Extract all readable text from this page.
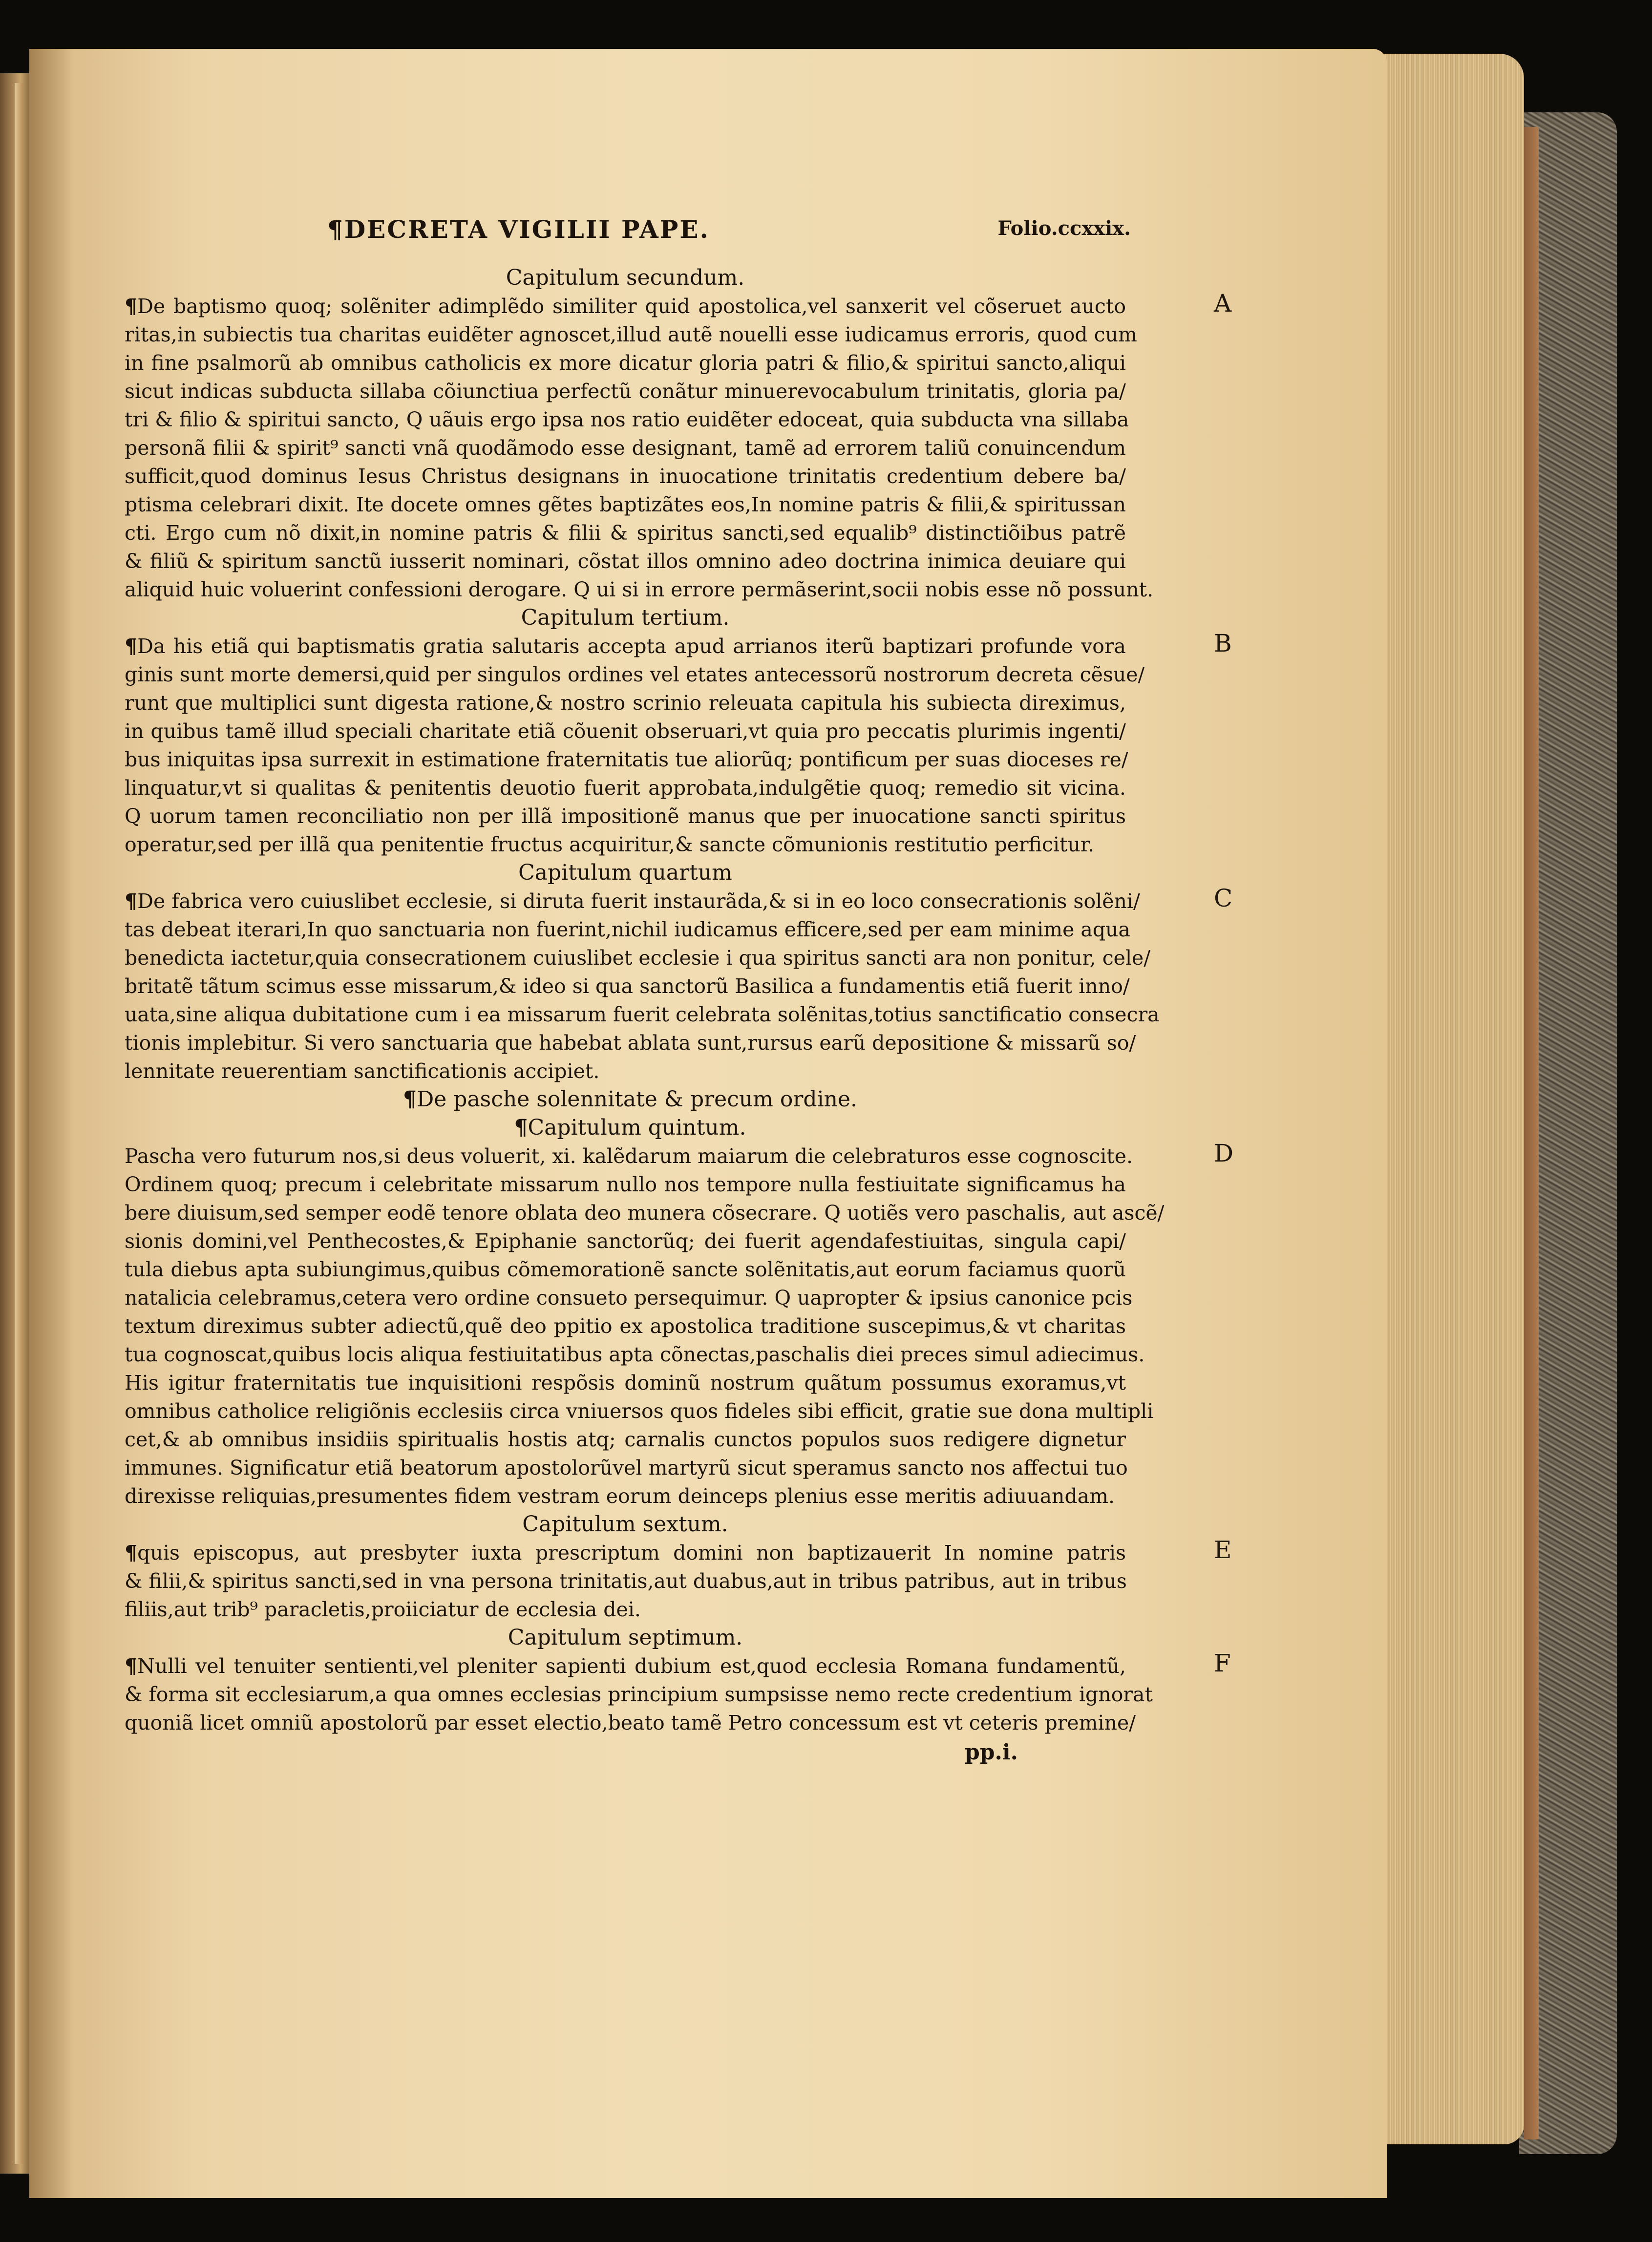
¶DECRETA VIGILII PAPE.	Folio.ccxxix.
Capitulum secundum.
¶De baptismo quoq; solẽniter adimplẽdo similiter quid apostolica,vel sanxerit vel cõseruet aucto
ritas,in subiectis tua charitas euidẽter agnoscet,illud autẽ nouelli esse iudicamus erroris, quod cum
in fine psalmorũ ab omnibus catholicis ex more dicatur gloria patri & filio,& spiritui sancto,aliqui
sicut indicas subducta sillaba cõiunctiua perfectũ conãtur minuerevocabulum trinitatis, gloria pa/
tri & filio & spiritui sancto, Q uãuis ergo ipsa nos ratio euidẽter edoceat, quia subducta vna sillaba
personã filii & spirit⁹ sancti vnã quodãmodo esse designant, tamẽ ad errorem taliũ conuincendum
sufficit,quod dominus Iesus Christus designans in inuocatione trinitatis credentium debere ba/
ptisma celebrari dixit. Ite docete omnes gẽtes baptizãtes eos,In nomine patris & filii,& spiritussan
cti. Ergo cum nõ dixit,in nomine patris & filii & spiritus sancti,sed equalib⁹ distinctiõibus patrẽ
& filiũ & spiritum sanctũ iusserit nominari, cõstat illos omnino adeo doctrina inimica deuiare qui
aliquid huic voluerint confessioni derogare. Q ui si in errore permãserint,socii nobis esse nõ possunt.
Capitulum tertium.
¶Da his etiã qui baptismatis gratia salutaris accepta apud arrianos iterũ baptizari profunde vora
ginis sunt morte demersi,quid per singulos ordines vel etates antecessorũ nostrorum decreta cẽsue/
runt que multiplici sunt digesta ratione,& nostro scrinio releuata capitula his subiecta direximus,
in quibus tamẽ illud speciali charitate etiã cõuenit obseruari,vt quia pro peccatis plurimis ingenti/
bus iniquitas ipsa surrexit in estimatione fraternitatis tue aliorũq; pontificum per suas dioceses re/
linquatur,vt si qualitas & penitentis deuotio fuerit approbata,indulgẽtie quoq; remedio sit vicina.
Q uorum tamen reconciliatio non per illã impositionẽ manus que per inuocatione sancti spiritus
operatur,sed per illã qua penitentie fructus acquiritur,& sancte cõmunionis restitutio perficitur.
Capitulum quartum
¶De fabrica vero cuiuslibet ecclesie, si diruta fuerit instaurãda,& si in eo loco consecrationis solẽni/
tas debeat iterari,In quo sanctuaria non fuerint,nichil iudicamus efficere,sed per eam minime aqua
benedicta iactetur,quia consecrationem cuiuslibet ecclesie i qua spiritus sancti ara non ponitur, cele/
britatẽ tãtum scimus esse missarum,& ideo si qua sanctorũ Basilica a fundamentis etiã fuerit inno/
uata,sine aliqua dubitatione cum i ea missarum fuerit celebrata solẽnitas,totius sanctificatio consecra
tionis implebitur. Si vero sanctuaria que habebat ablata sunt,rursus earũ depositione & missarũ so/
lennitate reuerentiam sanctificationis accipiet.
¶De pasche solennitate & precum ordine.
¶Capitulum quintum.
Pascha vero futurum nos,si deus voluerit, xi. kalẽdarum maiarum die celebraturos esse cognoscite.
Ordinem quoq; precum i celebritate missarum nullo nos tempore nulla festiuitate significamus ha
bere diuisum,sed semper eodẽ tenore oblata deo munera cõsecrare. Q uotiẽs vero paschalis, aut ascẽ/
sionis domini,vel Penthecostes,& Epiphanie sanctorũq; dei fuerit agendafestiuitas, singula capi/
tula diebus apta subiungimus,quibus cõmemorationẽ sancte solẽnitatis,aut eorum faciamus quorũ
natalicia celebramus,cetera vero ordine consueto persequimur. Q uapropter & ipsius canonice pcis
textum direximus subter adiectũ,quẽ deo ppitio ex apostolica traditione suscepimus,& vt charitas
tua cognoscat,quibus locis aliqua festiuitatibus apta cõnectas,paschalis diei preces simul adiecimus.
His igitur fraternitatis tue inquisitioni respõsis dominũ nostrum quãtum possumus exoramus,vt
omnibus catholice religiõnis ecclesiis circa vniuersos quos fideles sibi efficit, gratie sue dona multipli
cet,& ab omnibus insidiis spiritualis hostis atq; carnalis cunctos populos suos redigere dignetur
immunes. Significatur etiã beatorum apostolorũvel martyrũ sicut speramus sancto nos affectui tuo
direxisse reliquias,presumentes fidem vestram eorum deinceps plenius esse meritis adiuuandam.
Capitulum sextum.
¶quis episcopus, aut presbyter iuxta prescriptum domini non baptizauerit In nomine patris
& filii,& spiritus sancti,sed in vna persona trinitatis,aut duabus,aut in tribus patribus, aut in tribus
filiis,aut trib⁹ paracletis,proiiciatur de ecclesia dei.
Capitulum septimum.
¶Nulli vel tenuiter sentienti,vel pleniter sapienti dubium est,quod ecclesia Romana fundamentũ,
& forma sit ecclesiarum,a qua omnes ecclesias principium sumpsisse nemo recte credentium ignorat
quoniã licet omniũ apostolorũ par esset electio,beato tamẽ Petro concessum est vt ceteris premine/
A
B
C
D
E
F
pp.i.
